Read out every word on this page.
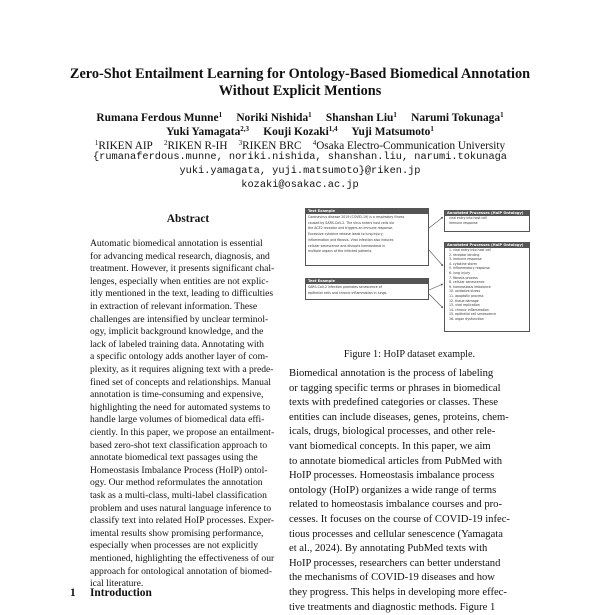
Zero-Shot Entailment Learning for Ontology-Based Biomedical Annotation
Without Explicit Mentions
Rumana Ferdous Munne$^1$ Noriki Nishida$^1$ Shanshan Liu$^1$ Narumi Tokunaga$^1$
Yuki Yamagata$^{2,3}$ Kouji Kozaki$^{1,4}$ Yuji Matsumoto$^1$
$^1$RIKEN AIP $^2$RIKEN R-IH $^3$RIKEN BRC $^4$Osaka Electro-Communication University
{rumanaferdous.munne, noriki.nishida, shanshan.liu, narumi.tokunaga
yuki.yamagata, yuji.matsumoto}@riken.jp
kozaki@osakac.ac.jp
Abstract
Automatic biomedical annotation is essential
for advancing medical research, diagnosis, and
treatment. However, it presents significant chal-
lenges, especially when entities are not explic-
itly mentioned in the text, leading to difficulties
in extraction of relevant information. These
challenges are intensified by unclear terminol-
ogy, implicit background knowledge, and the
lack of labeled training data. Annotating with
a specific ontology adds another layer of com-
plexity, as it requires aligning text with a prede-
fined set of concepts and relationships. Manual
annotation is time-consuming and expensive,
highlighting the need for automated systems to
handle large volumes of biomedical data effi-
ciently. In this paper, we propose an entailment-
based zero-shot text classification approach to
annotate biomedical text passages using the
Homeostasis Imbalance Process (HoIP) ontol-
ogy. Our method reformulates the annotation
task as a multi-class, multi-label classification
problem and uses natural language inference to
classify text into related HoIP processes. Exper-
imental results show promising performance,
especially when processes are not explicitly
mentioned, highlighting the effectiveness of our
approach for ontological annotation of biomed-
ical literature.
1 Introduction
Text Example
Coronavirus disease 2019 (COVID-19) is a respiratory illness
caused by SARS-CoV-2. The virus enters host cells via
the ACE2 receptor and triggers an immune response.
Excessive cytokine release leads to lung injury,
inflammation and fibrosis. Viral infection also induces
cellular senescence and disrupts homeostasis in
multiple organs of the infected patients.
Text Example
SARS-CoV-2 infection promotes senescence of
epithelial cells and chronic inflammation in lungs.
Annotated Processes (HoIP Ontology)
viral entry into host cell
immune response
Annotated Processes (HoIP Ontology)
1. viral entry into host cell
2. receptor binding
3. immune response
4. cytokine storm
5. inflammatory response
6. lung injury
7. fibrosis process
8. cellular senescence
9. homeostasis imbalance
10. oxidative stress
11. apoptotic process
12. tissue damage
13. viral replication
14. chronic inflammation
15. epithelial cell senescence
16. organ dysfunction
Figure 1: HoIP dataset example.
Biomedical annotation is the process of labeling
or tagging specific terms or phrases in biomedical
texts with predefined categories or classes. These
entities can include diseases, genes, proteins, chem-
icals, drugs, biological processes, and other rele-
vant biomedical concepts. In this paper, we aim
to annotate biomedical articles from PubMed with
HoIP processes. Homeostasis imbalance process
ontology (HoIP) organizes a wide range of terms
related to homeostasis imbalance courses and pro-
cesses. It focuses on the course of COVID-19 infec-
tious processes and cellular senescence (Yamagata
et al., 2024). By annotating PubMed texts with
HoIP processes, researchers can better understand
the mechanisms of COVID-19 diseases and how
they progress. This helps in developing more effec-
tive treatments and diagnostic methods. Figure 1
